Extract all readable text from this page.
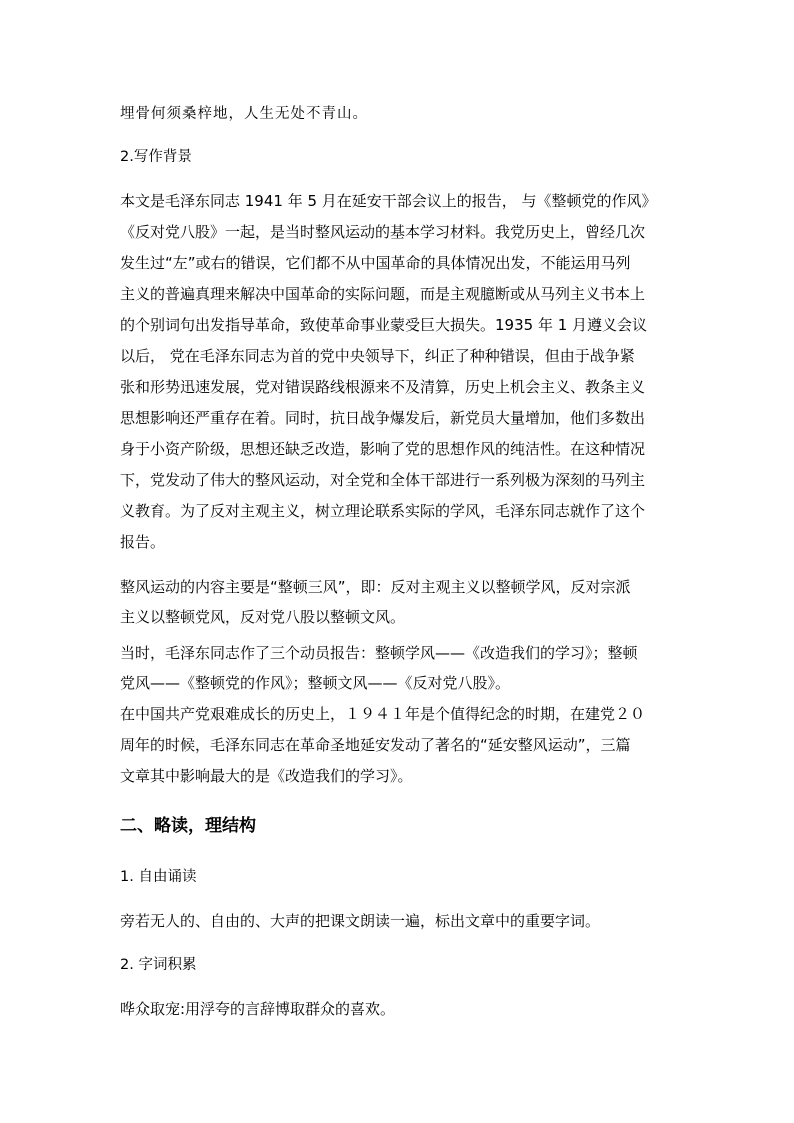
埋骨何须桑梓地，人生无处不青山。
2.写作背景
本文是毛泽东同志 1941 年 5 月在延安干部会议上的报告， 与《整顿党的作风》
《反对党八股》一起，是当时整风运动的基本学习材料。我党历史上，曾经几次
发生过“左”或右的错误，它们都不从中国革命的具体情况出发，不能运用马列
主义的普遍真理来解决中国革命的实际问题，而是主观臆断或从马列主义书本上
的个别词句出发指导革命，致使革命事业蒙受巨大损失。1935 年 1 月遵义会议
以后， 党在毛泽东同志为首的党中央领导下，纠正了种种错误，但由于战争紧
张和形势迅速发展，党对错误路线根源来不及清算，历史上机会主义、教条主义
思想影响还严重存在着。同时，抗日战争爆发后，新党员大量增加，他们多数出
身于小资产阶级，思想还缺乏改造，影响了党的思想作风的纯洁性。在这种情况
下，党发动了伟大的整风运动，对全党和全体干部进行一系列极为深刻的马列主
义教育。为了反对主观主义，树立理论联系实际的学风，毛泽东同志就作了这个
报告。
整风运动的内容主要是“整顿三风”，即：反对主观主义以整顿学风，反对宗派
主义以整顿党风，反对党八股以整顿文风。
当时，毛泽东同志作了三个动员报告：整顿学风——《改造我们的学习》；整顿
党风——《整顿党的作风》；整顿文风——《反对党八股》。
在中国共产党艰难成长的历史上，１９４１年是个值得纪念的时期，在建党２０
周年的时候，毛泽东同志在革命圣地延安发动了著名的“延安整风运动”，三篇
文章其中影响最大的是《改造我们的学习》。
二、略读，理结构
1. 自由诵读
旁若无人的、自由的、大声的把课文朗读一遍，标出文章中的重要字词。
2. 字词积累
哗众取宠:用浮夸的言辞博取群众的喜欢。
